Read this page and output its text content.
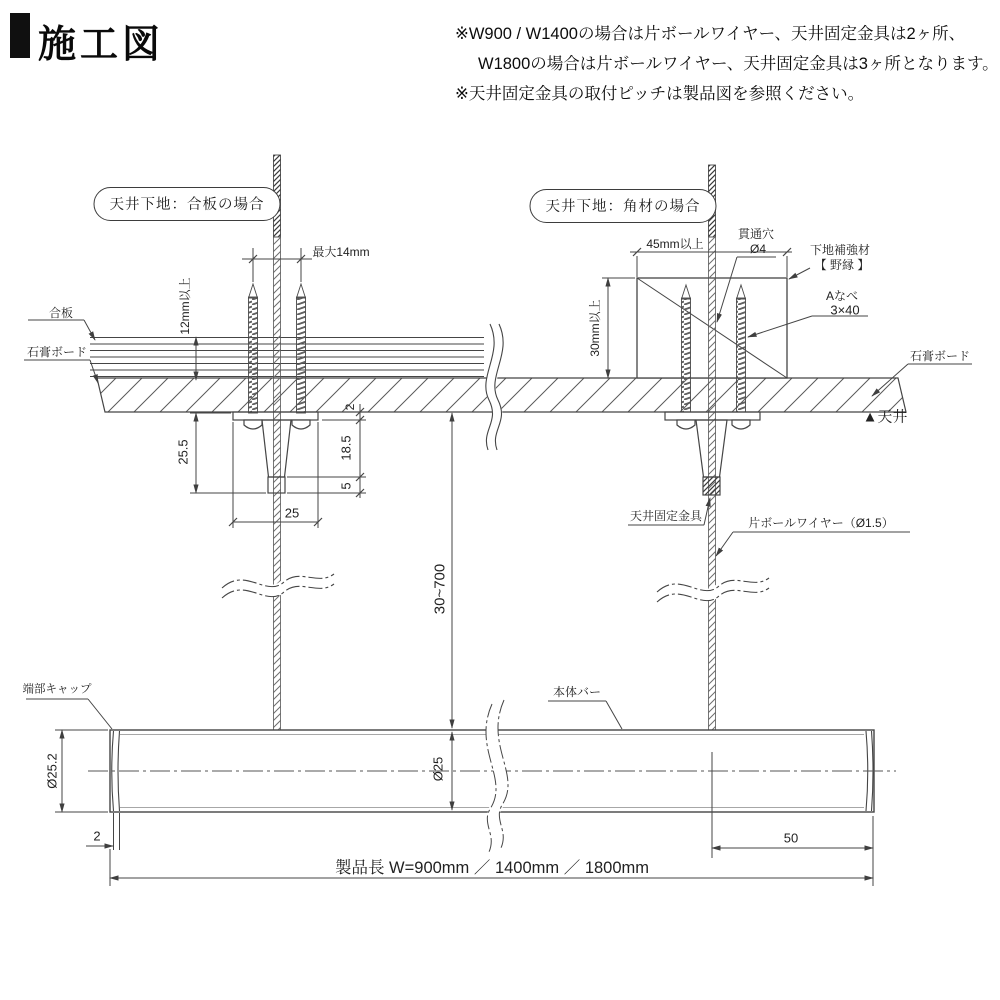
施工図	※W900 / W1400の場合は片ボールワイヤー、天井固定金具は2ヶ所、
W1800の場合は片ボールワイヤー、天井固定金具は3ヶ所となります。
※天井固定金具の取付ピッチは製品図を参照ください。
天井下地：合板の場合	天井下地：角材の場合
合板
石膏ボード
最大14mm
12mm以上
25.5
2
18.5
5
25
45mm以上
30mm以上
貫通穴
Ø4	下地補強材
【 野縁 】
Aなべ
3×40
石膏ボード
▲天井
天井固定金具	片ボールワイヤー（Ø1.5）
30~700
端部キャップ	本体バー
Ø25.2	Ø25
2	50
製品長 W=900mm ／ 1400mm ／ 1800mm
